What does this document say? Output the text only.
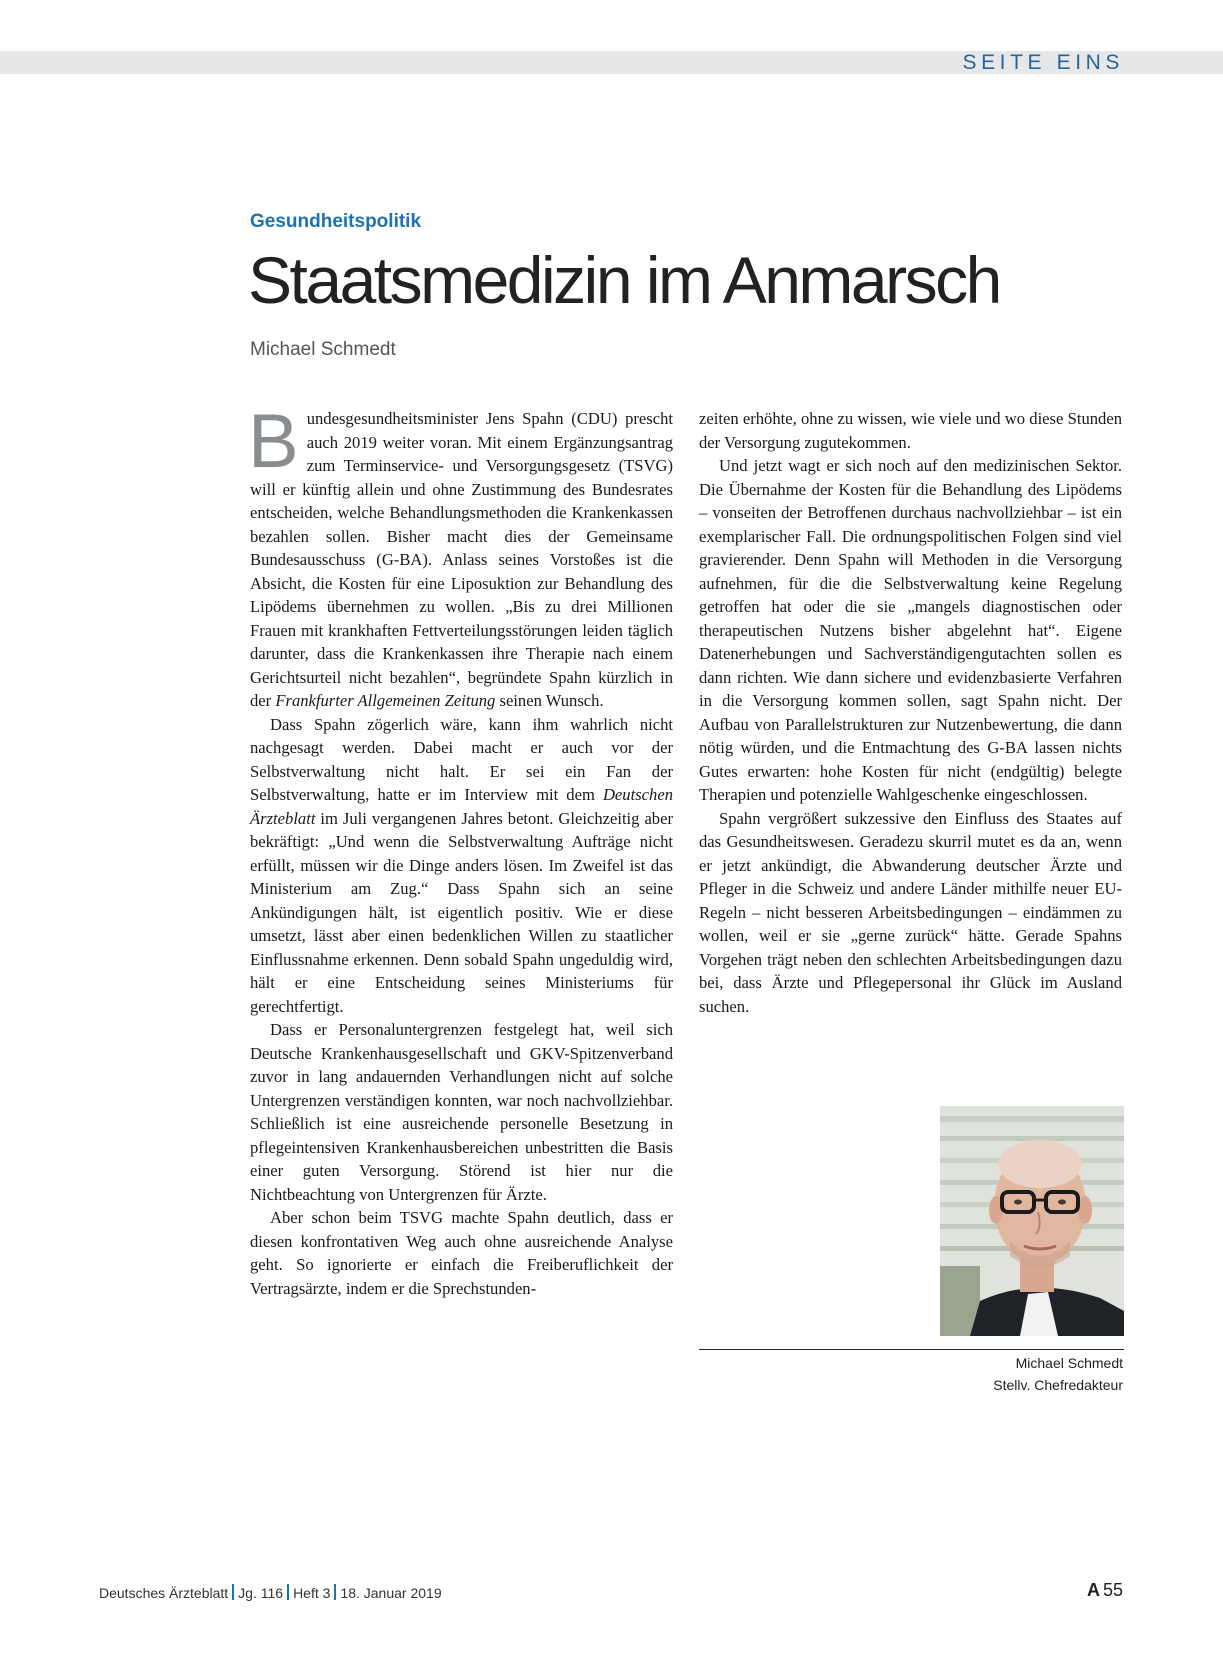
SEITE EINS
Gesundheitspolitik
Staatsmedizin im Anmarsch
Michael Schmedt

Bundesgesundheitsminister Jens Spahn (CDU) prescht auch 2019 weiter voran. Mit einem Ergänzungsantrag zum Terminservice- und Versorgungsgesetz (TSVG) will er künftig allein und ohne Zustimmung des Bundesrates entscheiden, welche Behandlungsmethoden die Krankenkassen bezahlen sollen. Bisher macht dies der Gemeinsame Bundesausschuss (G-BA). Anlass seines Vorstoßes ist die Absicht, die Kosten für eine Liposuktion zur Behandlung des Lipödems übernehmen zu wollen. „Bis zu drei Millionen Frauen mit krankhaften Fettverteilungsstörungen leiden täglich darunter, dass die Krankenkassen ihre Therapie nach einem Gerichtsurteil nicht bezahlen“, begründete Spahn kürzlich in der Frankfurter Allgemeinen Zeitung seinen Wunsch.

Dass Spahn zögerlich wäre, kann ihm wahrlich nicht nachgesagt werden. Dabei macht er auch vor der Selbstverwaltung nicht halt. Er sei ein Fan der Selbstverwaltung, hatte er im Interview mit dem Deutschen Ärzteblatt im Juli vergangenen Jahres betont. Gleichzeitig aber bekräftigt: „Und wenn die Selbstverwaltung Aufträge nicht erfüllt, müssen wir die Dinge anders lösen. Im Zweifel ist das Ministerium am Zug.“ Dass Spahn sich an seine Ankündigungen hält, ist eigentlich positiv. Wie er diese umsetzt, lässt aber einen bedenklichen Willen zu staatlicher Einflussnahme erkennen. Denn sobald Spahn ungeduldig wird, hält er eine Entscheidung seines Ministeriums für gerechtfertigt.

Dass er Personaluntergrenzen festgelegt hat, weil sich Deutsche Krankenhausgesellschaft und GKV-Spitzenverband zuvor in lang andauernden Verhandlungen nicht auf solche Untergrenzen verständigen konnten, war noch nachvollziehbar. Schließlich ist eine ausreichende personelle Besetzung in pflegeintensiven Krankenhausbereichen unbestritten die Basis einer guten Versorgung. Störend ist hier nur die Nichtbeachtung von Untergrenzen für Ärzte.

Aber schon beim TSVG machte Spahn deutlich, dass er diesen konfrontativen Weg auch ohne ausreichende Analyse geht. So ignorierte er einfach die Freiberuflichkeit der Vertragsärzte, indem er die Sprechstunden-

zeiten erhöhte, ohne zu wissen, wie viele und wo diese Stunden der Versorgung zugutekommen.

Und jetzt wagt er sich noch auf den medizinischen Sektor. Die Übernahme der Kosten für die Behandlung des Lipödems – vonseiten der Betroffenen durchaus nachvollziehbar – ist ein exemplarischer Fall. Die ordnungspolitischen Folgen sind viel gravierender. Denn Spahn will Methoden in die Versorgung aufnehmen, für die die Selbstverwaltung keine Regelung getroffen hat oder die sie „mangels diagnostischen oder therapeutischen Nutzens bisher abgelehnt hat“. Eigene Datenerhebungen und Sachverständigengutachten sollen es dann richten. Wie dann sichere und evidenzbasierte Verfahren in die Versorgung kommen sollen, sagt Spahn nicht. Der Aufbau von Parallelstrukturen zur Nutzenbewertung, die dann nötig würden, und die Entmachtung des G-BA lassen nichts Gutes erwarten: hohe Kosten für nicht (endgültig) belegte Therapien und potenzielle Wahlgeschenke eingeschlossen.

Spahn vergrößert sukzessive den Einfluss des Staates auf das Gesundheitswesen. Geradezu skurril mutet es da an, wenn er jetzt ankündigt, die Abwanderung deutscher Ärzte und Pfleger in die Schweiz und andere Länder mithilfe neuer EU-Regeln – nicht besseren Arbeitsbedingungen – eindämmen zu wollen, weil er sie „gerne zurück“ hätte. Gerade Spahns Vorgehen trägt neben den schlechten Arbeitsbedingungen dazu bei, dass Ärzte und Pflegepersonal ihr Glück im Ausland suchen.

Michael Schmedt
Stellv. Chefredakteur
Deutsches Ärzteblatt Jg. 116 Heft 3 18. Januar 2019	A 55
